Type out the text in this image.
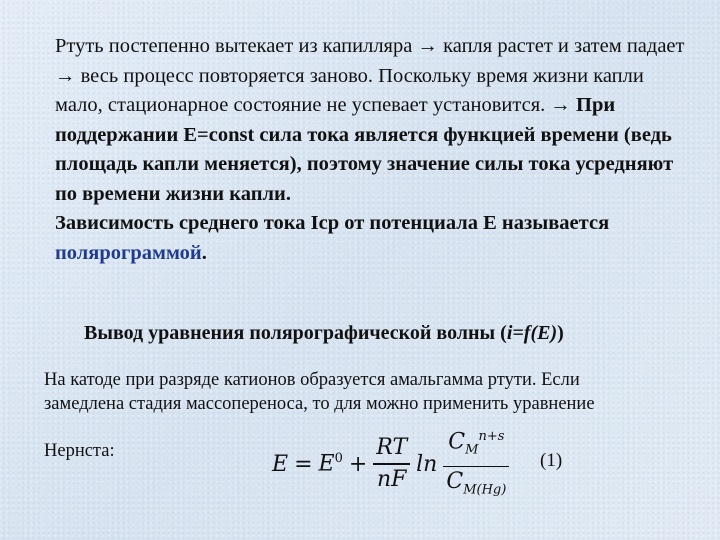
Ртуть постепенно вытекает из капилляра → капля растет и затем падает → весь процесс повторяется заново. Поскольку время жизни капли мало, стационарное состояние не успевает установится. → При поддержании E=const сила тока является функцией времени (ведь площадь капли меняется), поэтому значение силы тока усредняют по времени жизни капли.
Зависимость среднего тока Iср от потенциала E называется полярограммой.

Вывод уравнения полярографической волны (i=f(E))

На катоде при разряде катионов образуется амальгамма ртути. Если замедлена стадия массопереноса, то для можно применить уравнение

Нернста:
$E = E^0 + \frac{RT}{nF}$ $\ln \frac{C_M^{n+s}}{C_{M(Hg)}} (1)$
